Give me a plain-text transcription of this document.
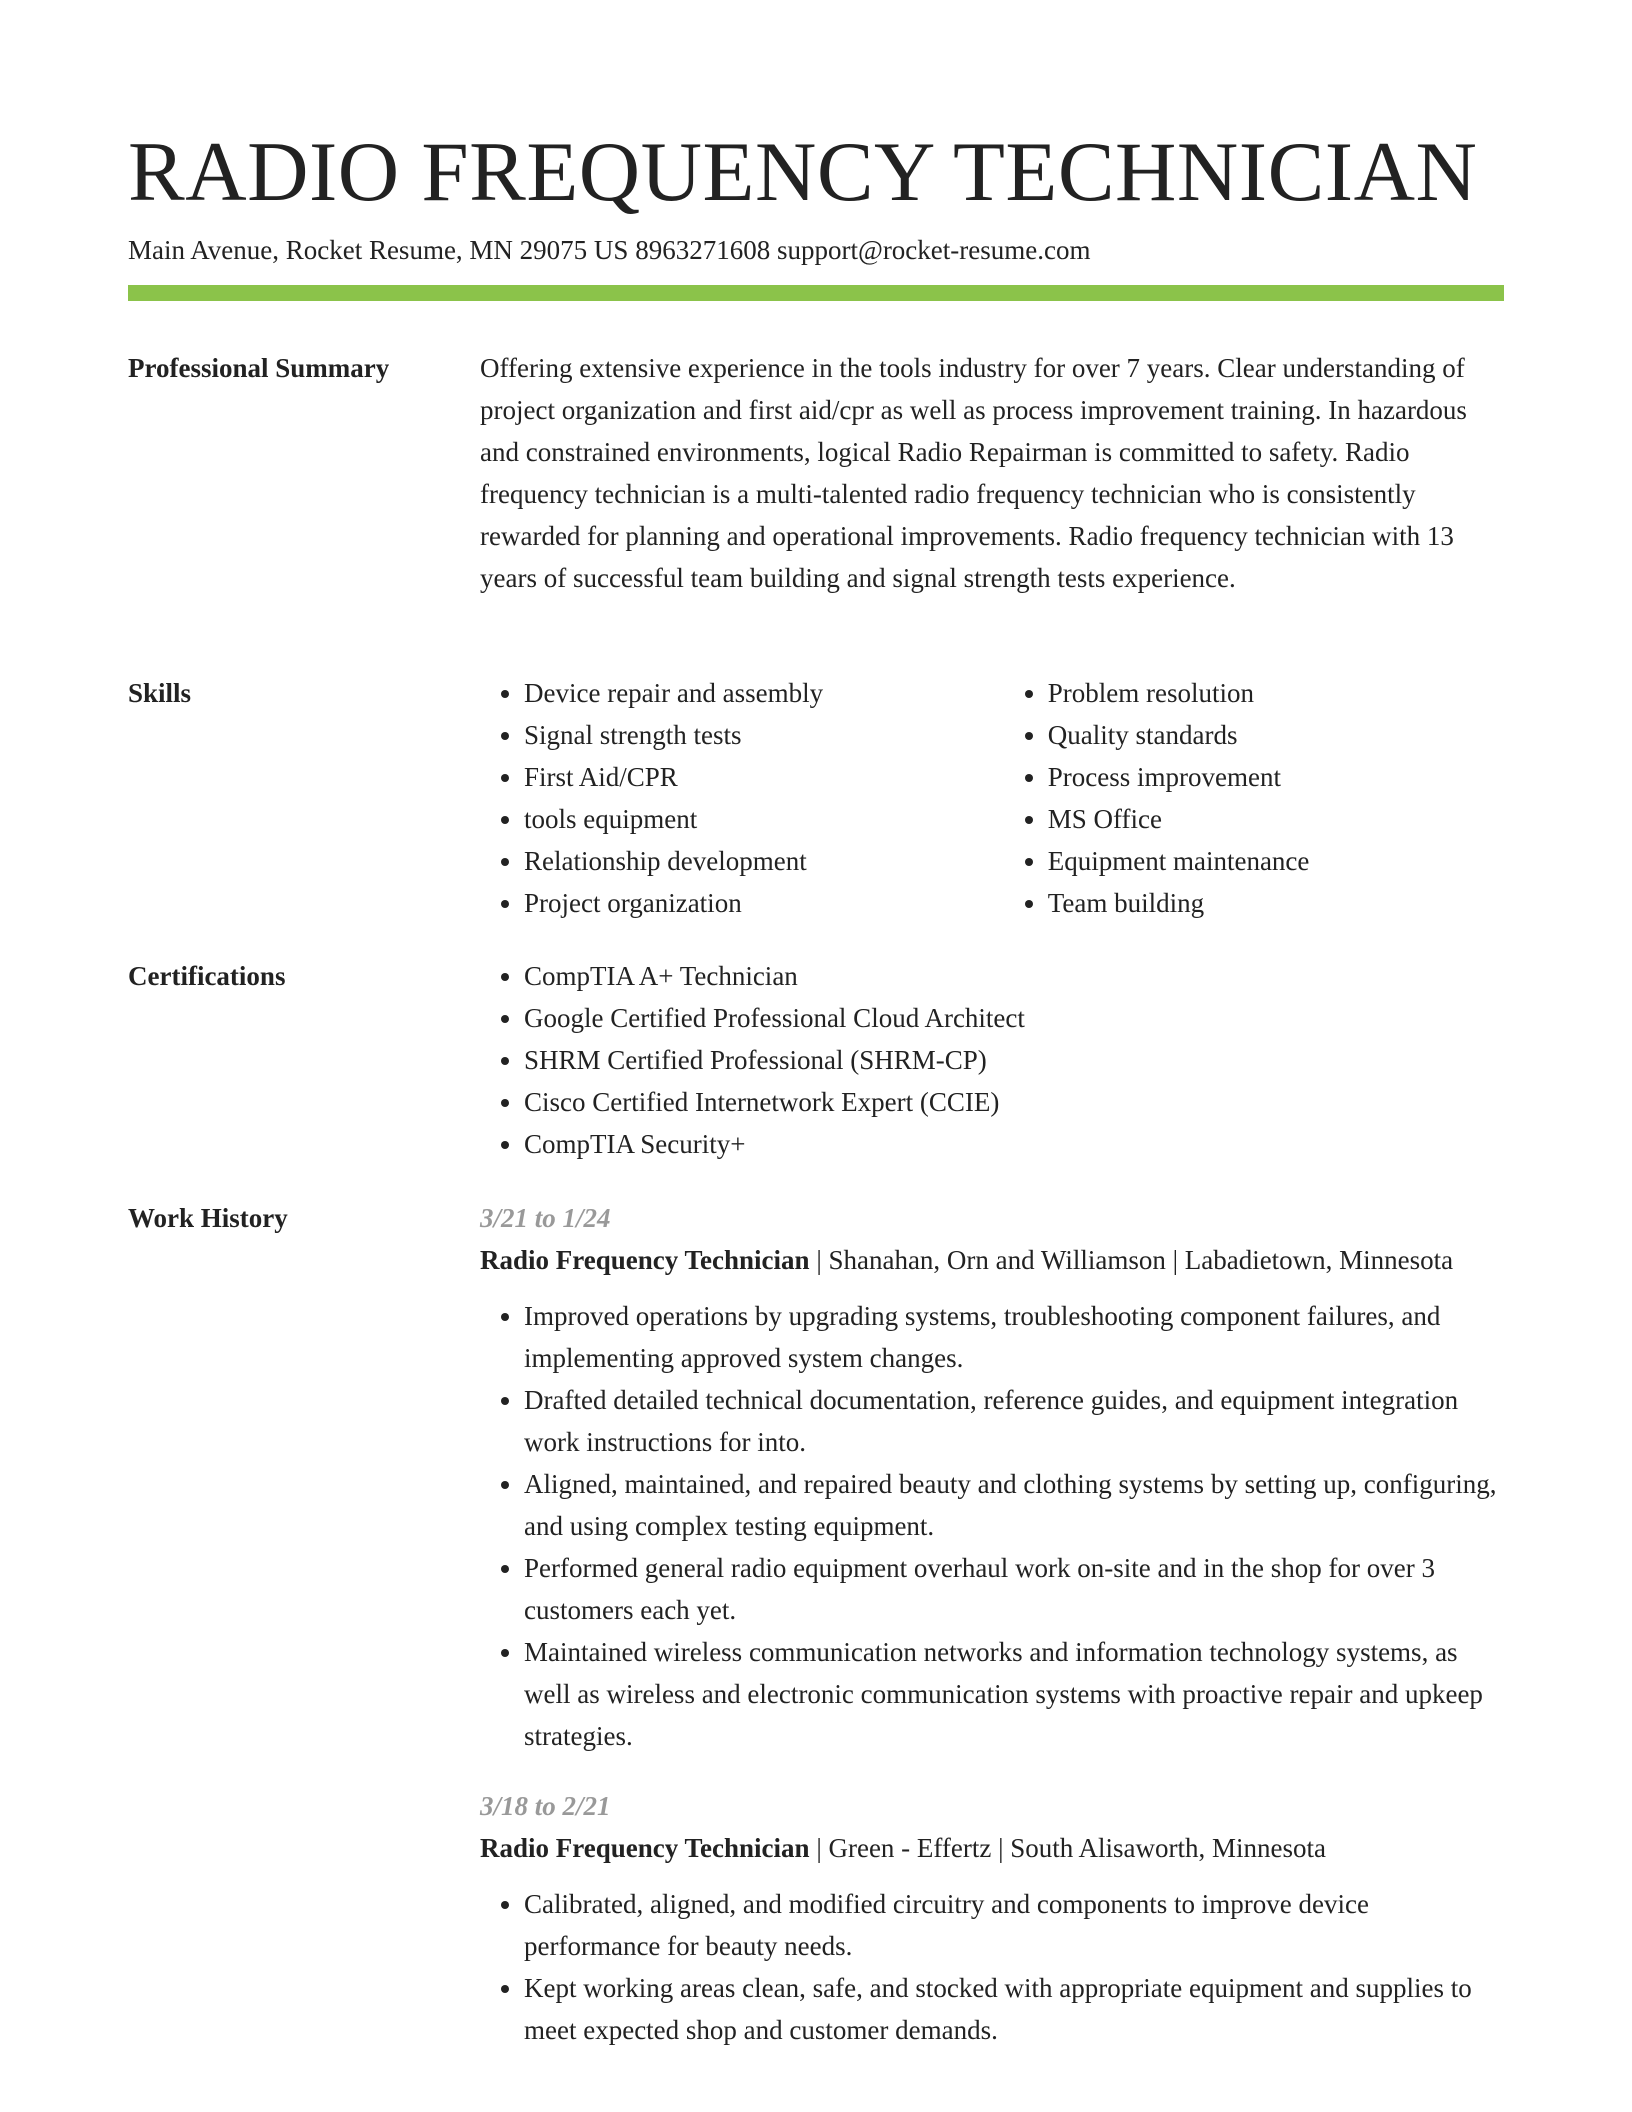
RADIO FREQUENCY TECHNICIAN
Main Avenue, Rocket Resume, MN 29075 US 8963271608 support@rocket-resume.com
Professional Summary	Offering extensive experience in the tools industry for over 7 years. Clear understanding of project organization and first aid/cpr as well as process improvement training. In hazardous and constrained environments, logical Radio Repairman is committed to safety. Radio frequency technician is a multi-talented radio frequency technician who is consistently rewarded for planning and operational improvements. Radio frequency technician with 13 years of successful team building and signal strength tests experience.

Skills	• Device repair and assembly
• Signal strength tests
• First Aid/CPR
• tools equipment
• Relationship development
• Project organization
• Problem resolution
• Quality standards
• Process improvement
• MS Office
• Equipment maintenance
• Team building
Certifications	• CompTIA A+ Technician
• Google Certified Professional Cloud Architect
• SHRM Certified Professional (SHRM-CP)
• Cisco Certified Internetwork Expert (CCIE)
• CompTIA Security+
Work History	3/21 to 1/24

Radio Frequency Technician | Shanahan, Orn and Williamson | Labadietown, Minnesota

• Improved operations by upgrading systems, troubleshooting component failures, and implementing approved system changes.
• Drafted detailed technical documentation, reference guides, and equipment integration work instructions for into.
• Aligned, maintained, and repaired beauty and clothing systems by setting up, configuring, and using complex testing equipment.
• Performed general radio equipment overhaul work on-site and in the shop for over 3 customers each yet.
• Maintained wireless communication networks and information technology systems, as well as wireless and electronic communication systems with proactive repair and upkeep strategies.

3/18 to 2/21

Radio Frequency Technician | Green - Effertz | South Alisaworth, Minnesota

• Calibrated, aligned, and modified circuitry and components to improve device performance for beauty needs.
• Kept working areas clean, safe, and stocked with appropriate equipment and supplies to meet expected shop and customer demands.
